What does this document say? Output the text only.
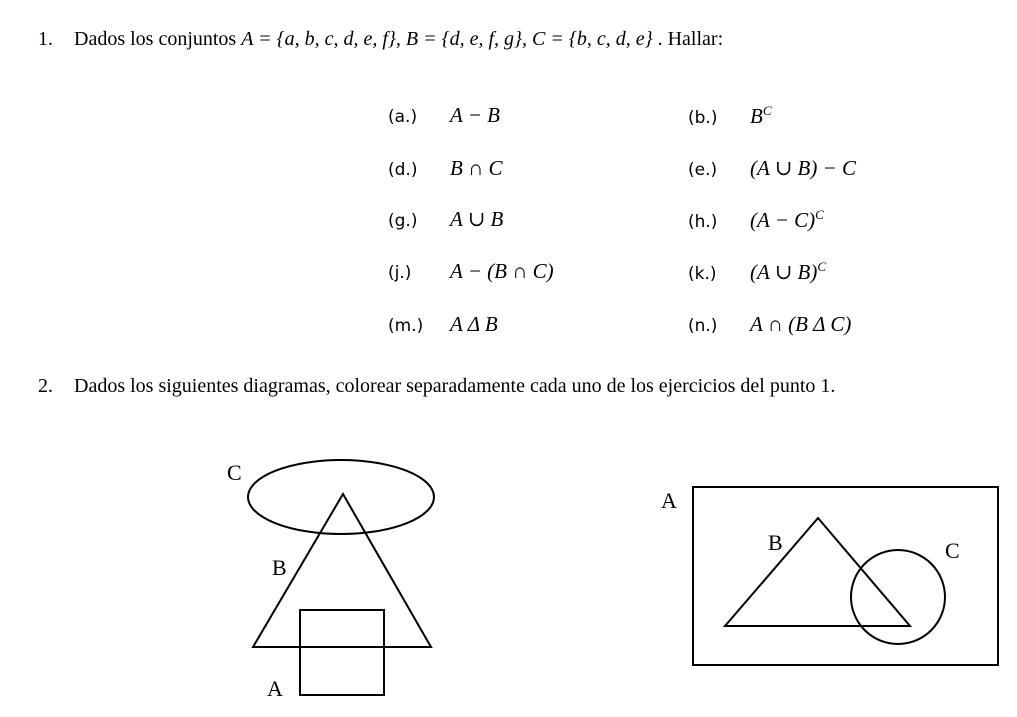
1. Dados los conjuntos A = {a, b, c, d, e, f}, B = {d, e, f, g}, C = {b, c, d, e} . Hallar:
(a.) A − B	(b.) $B^C$
(d.) B ∩ C	(e.) (A ∪ B) − C
(g.) A ∪ B	(h.) $(A - C)^C$
(j.) A − (B ∩ C)	(k.) (A ∪ B)$^C$
(m.) A Δ B	(n.) A ∩ (B Δ C)
2. Dados los siguientes diagramas, colorear separadamente cada uno de los ejercicios del punto 1.
C
B
A
A
B	C
